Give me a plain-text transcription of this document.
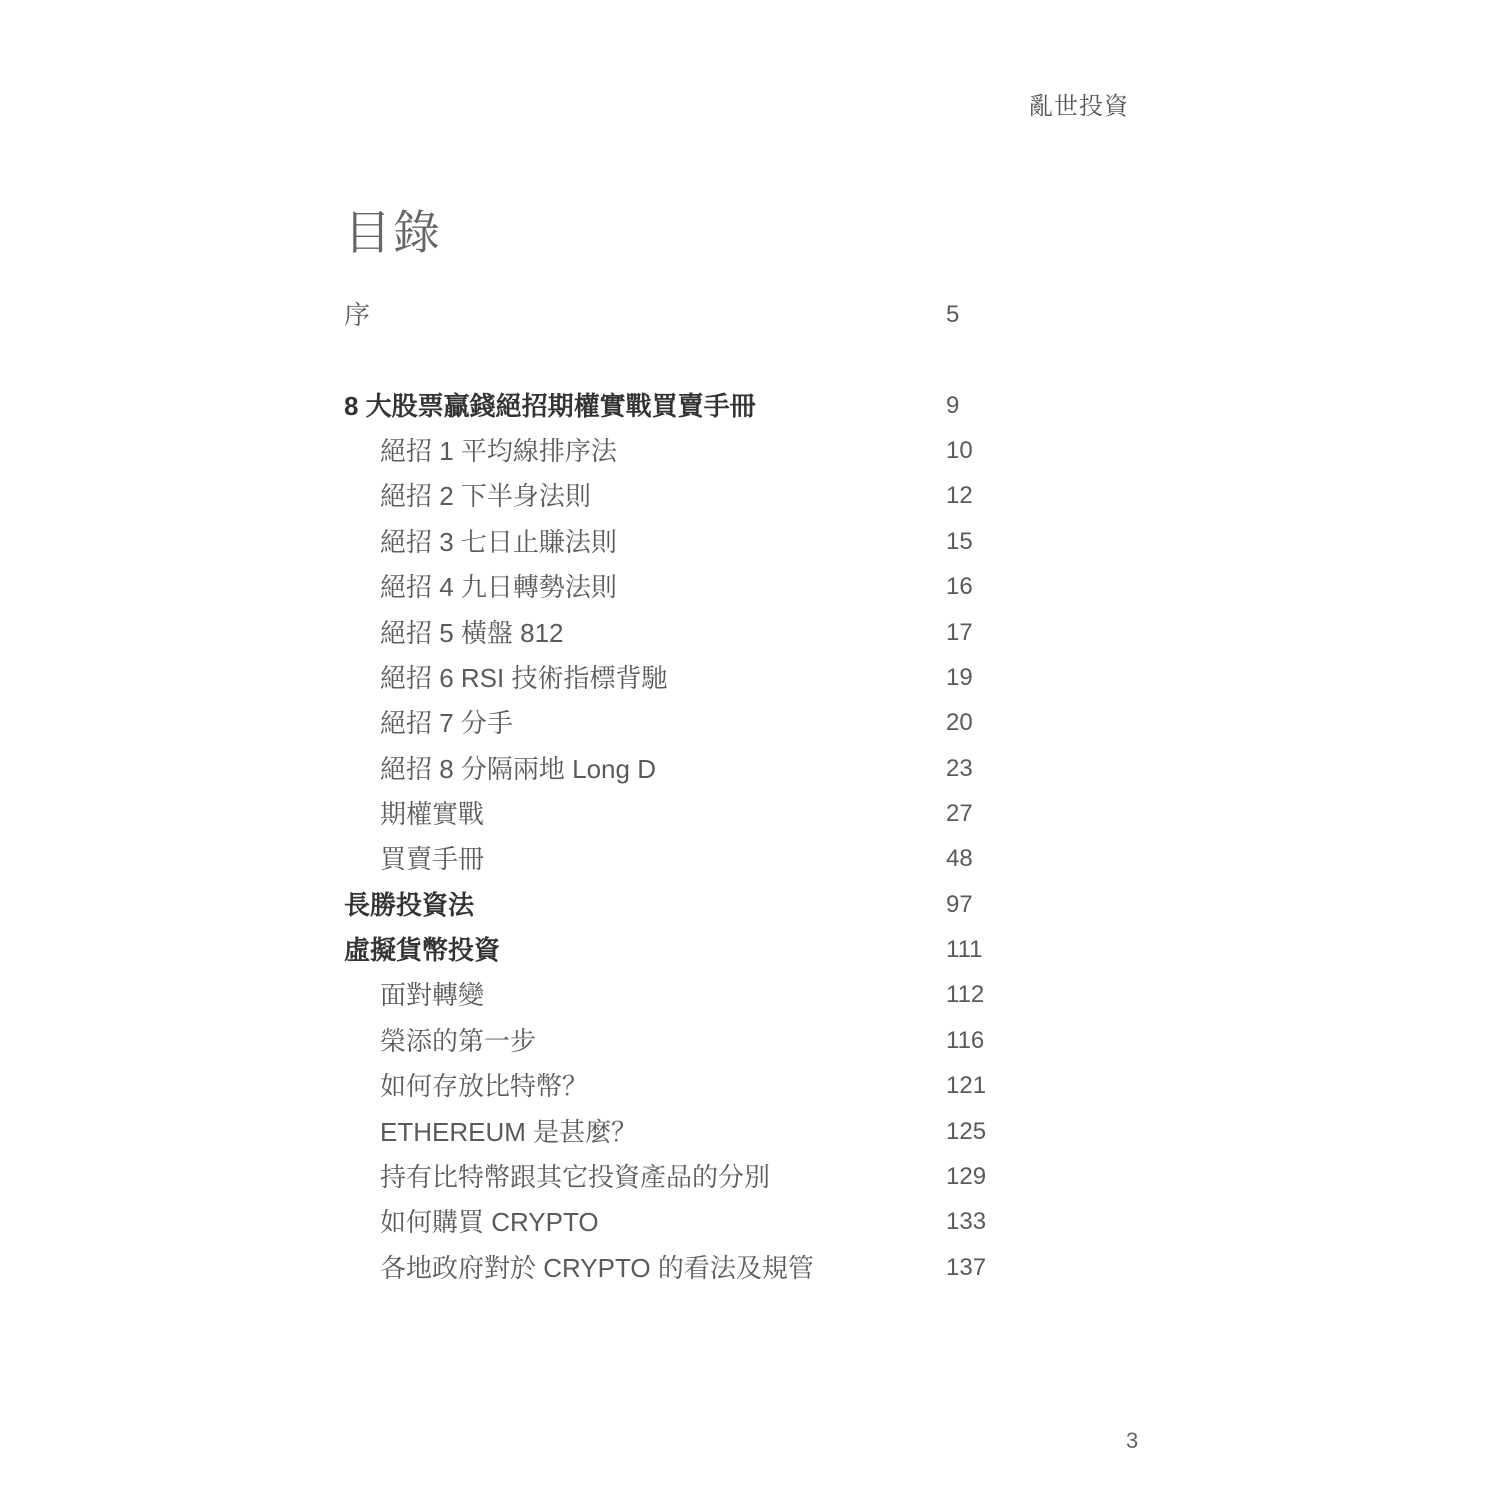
亂世投資
目錄
序	5
8 大股票贏錢絕招期權實戰買賣手冊	9
絕招 1 平均線排序法	10
絕招 2 下半身法則	12
絕招 3 七日止賺法則	15
絕招 4 九日轉勢法則	16
絕招 5 橫盤 812	17
絕招 6 RSI 技術指標背馳	19
絕招 7 分手	20
絕招 8 分隔兩地 Long D	23
期權實戰	27
買賣手冊	48
長勝投資法	97
虛擬貨幣投資	111
面對轉變	112
榮添的第一步	116
如何存放比特幣？	121
ETHEREUM 是甚麼？	125
持有比特幣跟其它投資產品的分別	129
如何購買 CRYPTO	133
各地政府對於 CRYPTO 的看法及規管	137
3
